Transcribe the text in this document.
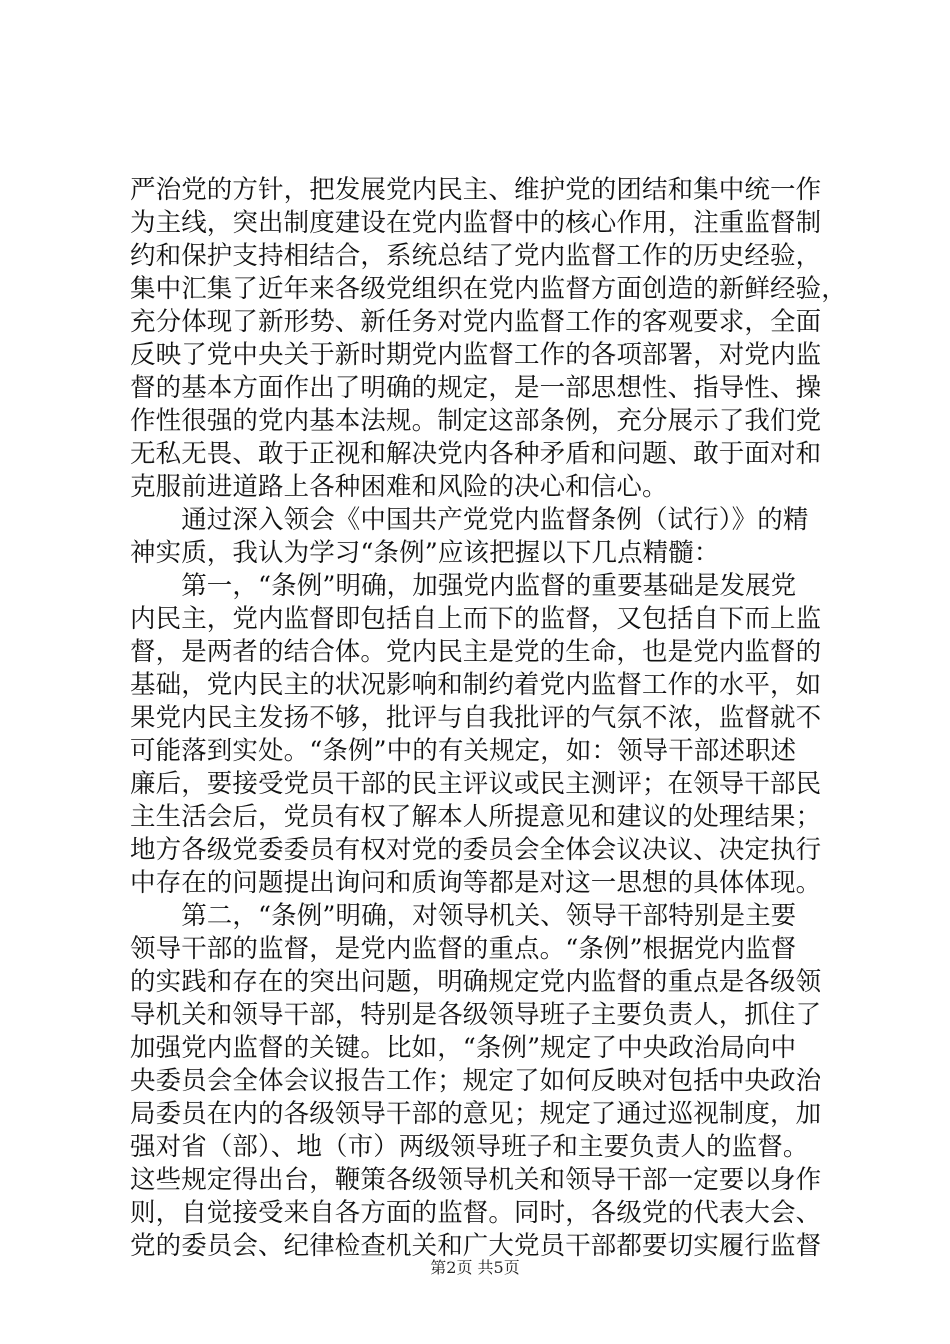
严治党的方针，把发展党内民主、维护党的团结和集中统一作
为主线，突出制度建设在党内监督中的核心作用，注重监督制
约和保护支持相结合，系统总结了党内监督工作的历史经验，
集中汇集了近年来各级党组织在党内监督方面创造的新鲜经验，
充分体现了新形势、新任务对党内监督工作的客观要求，全面
反映了党中央关于新时期党内监督工作的各项部署，对党内监
督的基本方面作出了明确的规定，是一部思想性、指导性、操
作性很强的党内基本法规。制定这部条例，充分展示了我们党
无私无畏、敢于正视和解决党内各种矛盾和问题、敢于面对和
克服前进道路上各种困难和风险的决心和信心。
　　通过深入领会《中国共产党党内监督条例（试行）》的精
神实质，我认为学习“条例”应该把握以下几点精髓：
　　第一，“条例”明确，加强党内监督的重要基础是发展党
内民主，党内监督即包括自上而下的监督，又包括自下而上监
督，是两者的结合体。党内民主是党的生命，也是党内监督的
基础，党内民主的状况影响和制约着党内监督工作的水平，如
果党内民主发扬不够，批评与自我批评的气氛不浓，监督就不
可能落到实处。“条例”中的有关规定，如：领导干部述职述
廉后，要接受党员干部的民主评议或民主测评；在领导干部民
主生活会后，党员有权了解本人所提意见和建议的处理结果；
地方各级党委委员有权对党的委员会全体会议决议、决定执行
中存在的问题提出询问和质询等都是对这一思想的具体体现。
　　第二，“条例”明确，对领导机关、领导干部特别是主要
领导干部的监督，是党内监督的重点。“条例”根据党内监督
的实践和存在的突出问题，明确规定党内监督的重点是各级领
导机关和领导干部，特别是各级领导班子主要负责人，抓住了
加强党内监督的关键。比如，“条例”规定了中央政治局向中
央委员会全体会议报告工作；规定了如何反映对包括中央政治
局委员在内的各级领导干部的意见；规定了通过巡视制度，加
强对省（部）、地（市）两级领导班子和主要负责人的监督。
这些规定得出台，鞭策各级领导机关和领导干部一定要以身作
则，自觉接受来自各方面的监督。同时，各级党的代表大会、
党的委员会、纪律检查机关和广大党员干部都要切实履行监督
第2页 共5页
